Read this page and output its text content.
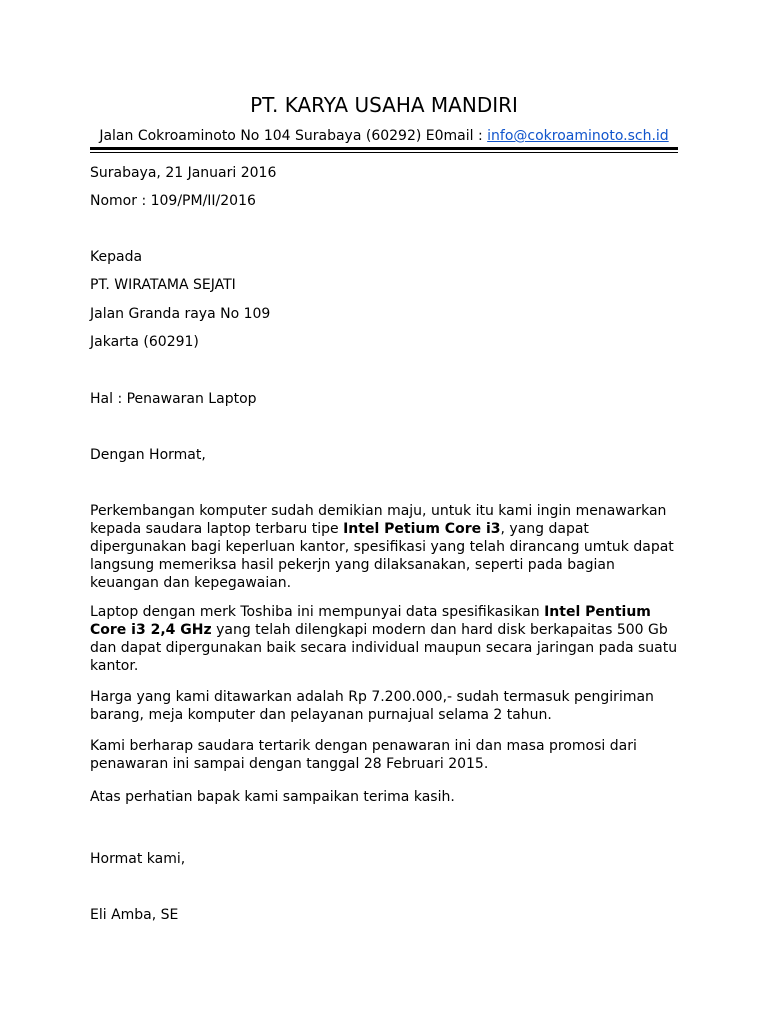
PT. KARYA USAHA MANDIRI
Jalan Cokroaminoto No 104 Surabaya (60292) E0mail : info@cokroaminoto.sch.id
Surabaya, 21 Januari 2016
Nomor : 109/PM/II/2016
Kepada
PT. WIRATAMA SEJATI
Jalan Granda raya No 109
Jakarta (60291)
Hal : Penawaran Laptop
Dengan Hormat,
Perkembangan komputer sudah demikian maju, untuk itu kami ingin menawarkan kepada saudara laptop terbaru tipe Intel Petium Core i3, yang dapat dipergunakan bagi keperluan kantor, spesifikasi yang telah dirancang umtuk dapat langsung memeriksa hasil pekerjn yang dilaksanakan, seperti pada bagian keuangan dan kepegawaian.
Laptop dengan merk Toshiba ini mempunyai data spesifikasikan Intel Pentium Core i3 2,4 GHz yang telah dilengkapi modern dan hard disk berkapaitas 500 Gb dan dapat dipergunakan baik secara individual maupun secara jaringan pada suatu kantor.
Harga yang kami ditawarkan adalah Rp 7.200.000,- sudah termasuk pengiriman barang, meja komputer dan pelayanan purnajual selama 2 tahun.
Kami berharap saudara tertarik dengan penawaran ini dan masa promosi dari penawaran ini sampai dengan tanggal 28 Februari 2015.
Atas perhatian bapak kami sampaikan terima kasih.
Hormat kami,
Eli Amba, SE
